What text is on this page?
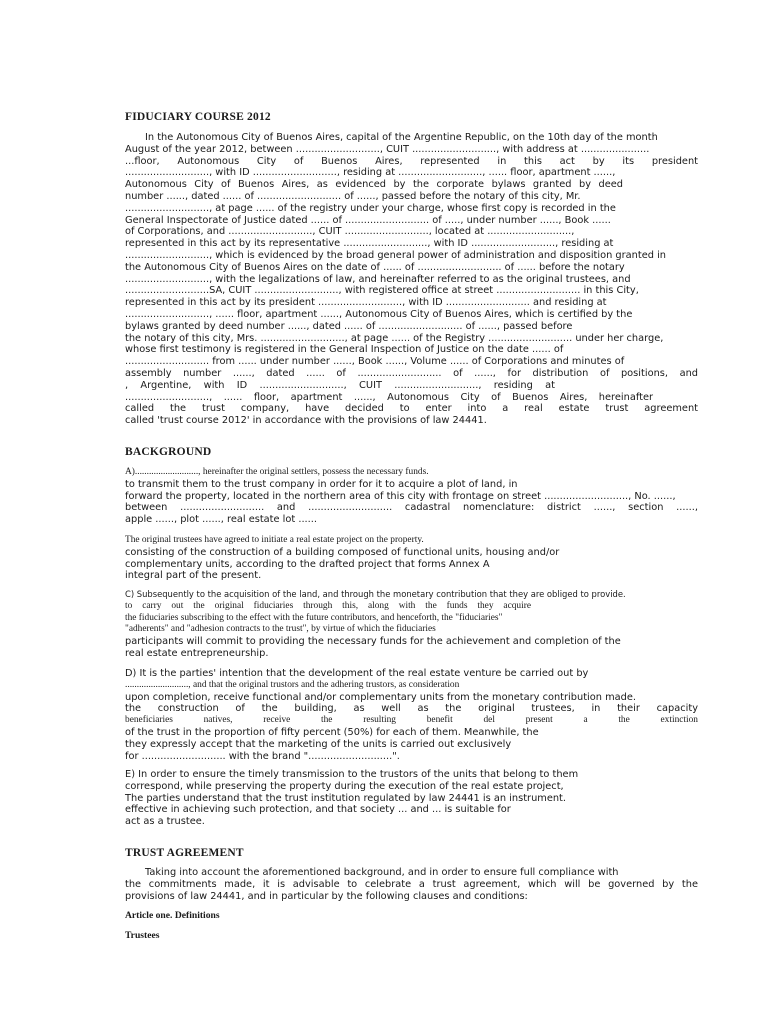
FIDUCIARY COURSE 2012
In the Autonomous City of Buenos Aires, capital of the Argentine Republic, on the 10th day of the month
August of the year 2012, between ..........................., CUIT ..........................., with address at ......................
...floor, Autonomous City of Buenos Aires, represented in this act by its president
..........................., with ID ..........................., residing at ..........................., ...... floor, apartment ......,
Autonomous City of Buenos Aires, as evidenced by the corporate bylaws granted by deed
number ......, dated ...... of ........................... of ......, passed before the notary of this city, Mr.
..........................., at page ...... of the registry under your charge, whose first copy is recorded in the
General Inspectorate of Justice dated ...... of ........................... of ....., under number ......, Book ......
of Corporations, and ..........................., CUIT ..........................., located at ...........................,
represented in this act by its representative ..........................., with ID ..........................., residing at
..........................., which is evidenced by the broad general power of administration and disposition granted in
the Autonomous City of Buenos Aires on the date of ...... of ........................... of ...... before the notary
..........................., with the legalizations of law, and hereinafter referred to as the original trustees, and
...........................SA, CUIT ..........................., with registered office at street ........................... in this City,
represented in this act by its president ..........................., with ID ........................... and residing at
..........................., ...... floor, apartment ......, Autonomous City of Buenos Aires, which is certified by the
bylaws granted by deed number ......, dated ...... of ........................... of ......, passed before
the notary of this city, Mrs. ..........................., at page ...... of the Registry ........................... under her charge,
whose first testimony is registered in the General Inspection of Justice on the date ...... of
........................... from ...... under number ......, Book ......, Volume ...... of Corporations and minutes of
assembly number ......, dated ...... of ........................... of ......, for distribution of positions, and
, Argentine, with ID ..........................., CUIT ..........................., residing at
..........................., ...... floor, apartment ......, Autonomous City of Buenos Aires, hereinafter
called the trust company, have decided to enter into a real estate trust agreement
called 'trust course 2012' in accordance with the provisions of law 24441.
BACKGROUND
A)..........................., hereinafter the original settlers, possess the necessary funds.
to transmit them to the trust company in order for it to acquire a plot of land, in
forward the property, located in the northern area of this city with frontage on street ..........................., No. ......,
between ........................... and ........................... cadastral nomenclature: district ......, section ......,
apple ......, plot ......, real estate lot ......
The original trustees have agreed to initiate a real estate project on the property.
consisting of the construction of a building composed of functional units, housing and/or
complementary units, according to the drafted project that forms Annex A
integral part of the present.
C) Subsequently to the acquisition of the land, and through the monetary contribution that they are obliged to provide.
to carry out the original fiduciaries through this, along with the funds they acquire
the fiduciaries subscribing to the effect with the future contributors, and henceforth, the "fiduciaries"
"adherents" and "adhesion contracts to the trust", by virtue of which the fiduciaries
participants will commit to providing the necessary funds for the achievement and completion of the
real estate entrepreneurship.
D) It is the parties' intention that the development of the real estate venture be carried out by
..........................., and that the original trustors and the adhering trustors, as consideration
upon completion, receive functional and/or complementary units from the monetary contribution made.
the construction of the building, as well as the original trustees, in their capacity
beneficiaries natives, receive the resulting benefit del present a the extinction
of the trust in the proportion of fifty percent (50%) for each of them. Meanwhile, the
they expressly accept that the marketing of the units is carried out exclusively
for ........................... with the brand "...........................".
E) In order to ensure the timely transmission to the trustors of the units that belong to them
correspond, while preserving the property during the execution of the real estate project,
The parties understand that the trust institution regulated by law 24441 is an instrument.
effective in achieving such protection, and that society ... and ... is suitable for
act as a trustee.
TRUST AGREEMENT
Taking into account the aforementioned background, and in order to ensure full compliance with
the commitments made, it is advisable to celebrate a trust agreement, which will be governed by the
provisions of law 24441, and in particular by the following clauses and conditions:
Article one. Definitions
Trustees
